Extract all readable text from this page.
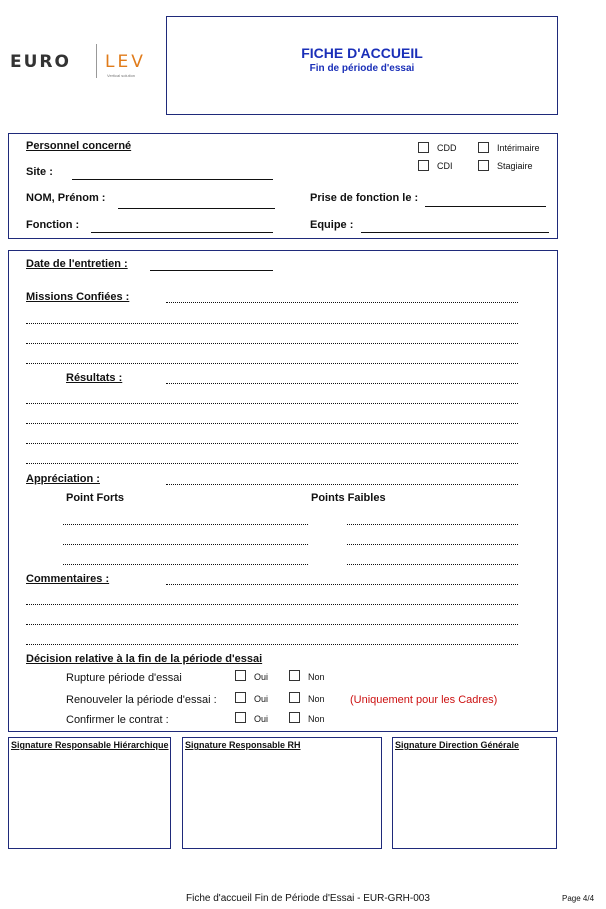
EURO LEV
Vertical solution
FICHE D'ACCUEIL
Fin de période d'essai
Personnel concerné	CDD	Intérimaire
CDI	Stagiaire
Site :
NOM, Prénom :	Prise de fonction le :
Fonction :	Equipe :
Date de l'entretien :
Missions Confiées :
Résultats :
Appréciation :
Point Forts	Points Faibles
Commentaires :
Décision relative à la fin de la période d'essai
Rupture période d'essai	Oui	Non
Renouveler la période d'essai :	Oui	Non (Uniquement pour les Cadres)
Confirmer le contrat :	Oui	Non
Signature Responsable Hiérarchique Signature Responsable RH	Signature Direction Générale
Fiche d'accueil Fin de Période d'Essai - EUR-GRH-003	Page 4/4
